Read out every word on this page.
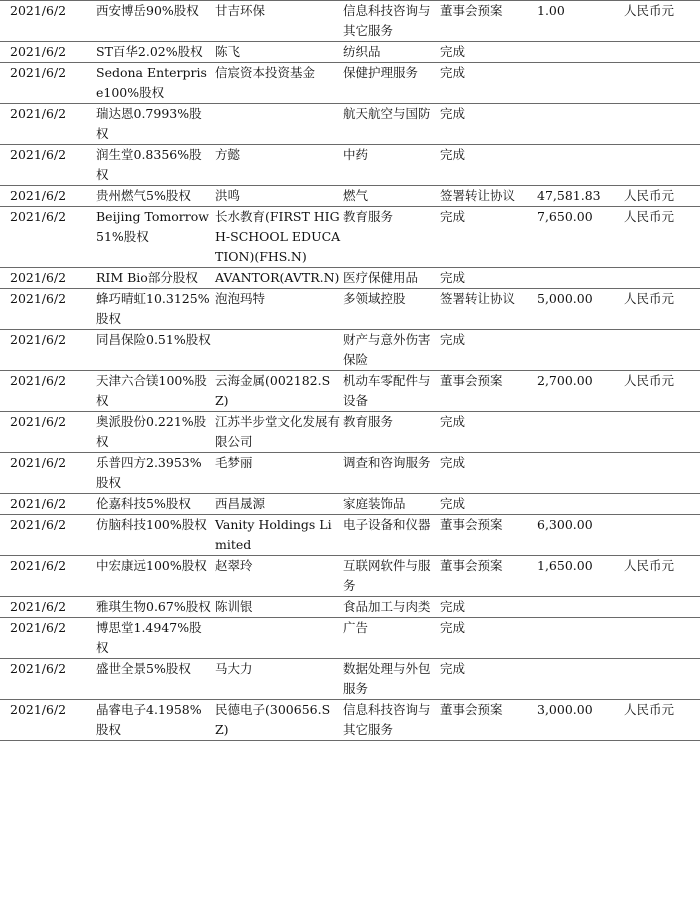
2021/6/2	西安博岳90%股权	甘吉环保	信息科技咨询与其它服务	董事会预案	1.00	人民币元
2021/6/2	ST百华2.02%股权	陈飞	纺织品	完成		
2021/6/2	Sedona Enterprise100%股权	信宸资本投资基金	保健护理服务	完成		
2021/6/2	瑞达恩0.7993%股权		航天航空与国防	完成		
2021/6/2	润生堂0.8356%股权	方懿	中药	完成		
2021/6/2	贵州燃气5%股权	洪鸣	燃气	签署转让协议	47,581.83	人民币元
2021/6/2	Beijing Tomorrow51%股权	长水教育(FIRST HIGH-SCHOOL EDUCATION)(FHS.N)	教育服务	完成	7,650.00	人民币元
2021/6/2	RIM Bio部分股权	AVANTOR(AVTR.N)	医疗保健用品	完成		
2021/6/2	蜂巧晴虹10.3125%股权	泡泡玛特	多领域控股	签署转让协议	5,000.00	人民币元
2021/6/2	同昌保险0.51%股权		财产与意外伤害保险	完成		
2021/6/2	天津六合镁100%股权	云海金属(002182.SZ)	机动车零配件与设备	董事会预案	2,700.00	人民币元
2021/6/2	奥派股份0.221%股权	江苏半步堂文化发展有限公司	教育服务	完成		
2021/6/2	乐普四方2.3953%股权	毛梦丽	调查和咨询服务	完成		
2021/6/2	伦嘉科技5%股权	西昌晟源	家庭装饰品	完成		
2021/6/2	仿脑科技100%股权	Vanity Holdings Limited	电子设备和仪器	董事会预案	6,300.00	
2021/6/2	中宏康远100%股权	赵翠玲	互联网软件与服务	董事会预案	1,650.00	人民币元
2021/6/2	雅琪生物0.67%股权	陈训银	食品加工与肉类	完成		
2021/6/2	博思堂1.4947%股权		广告	完成		
2021/6/2	盛世全景5%股权	马大力	数据处理与外包服务	完成		
2021/6/2	晶睿电子4.1958%股权	民德电子(300656.SZ)	信息科技咨询与其它服务	董事会预案	3,000.00	人民币元
